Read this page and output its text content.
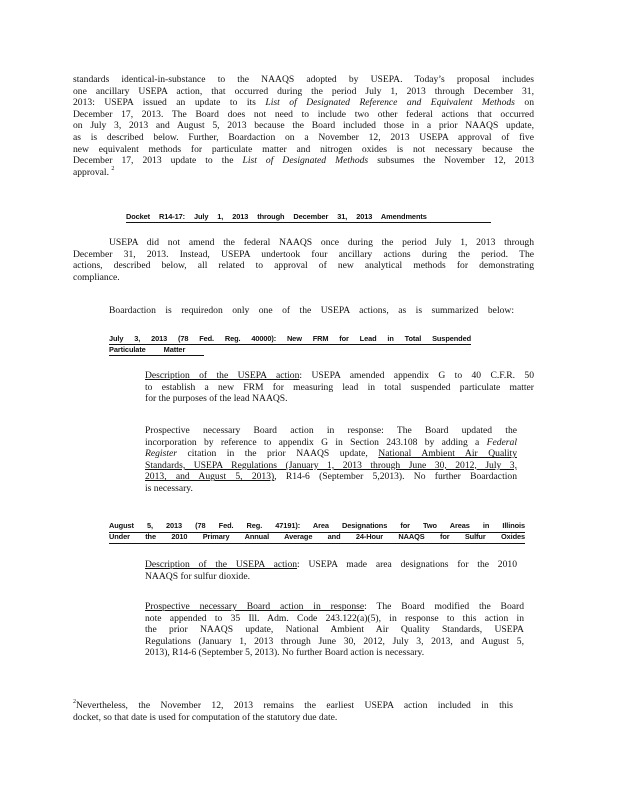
standards identical-in-substance to the NAAQS adopted by USEPA. Today’s proposal includes
one ancillary USEPA action, that occurred during the period July 1, 2013 through December 31,
2013: USEPA issued an update to its List of Designated Reference and Equivalent Methods on
December 17, 2013. The Board does not need to include two other federal actions that occurred
on July 3, 2013 and August 5, 2013 because the Board included those in a prior NAAQS update,
as is described below. Further, Boardaction on a November 12, 2013 USEPA approval of five
new equivalent methods for particulate matter and nitrogen oxides is not necessary because the
December 17, 2013 update to the List of Designated Methods subsumes the November 12, 2013
approval. $^2$
Docket R14-17: July 1, 2013 through December 31, 2013 Amendments
USEPA did not amend the federal NAAQS once during the period July 1, 2013 through
December 31, 2013. Instead, USEPA undertook four ancillary actions during the period. The
actions, described below, all related to approval of new analytical methods for demonstrating
compliance.
Boardaction is requiredon only one of the USEPA actions, as is summarized below:
July 3, 2013 (78 Fed. Reg. 40000): New FRM for Lead in Total Suspended
Particulate Matter
Description of the USEPA action: USEPA amended appendix G to 40 C.F.R. 50
to establish a new FRM for measuring lead in total suspended particulate matter
for the purposes of the lead NAAQS.
Prospective necessary Board action in response: The Board updated the
incorporation by reference to appendix G in Section 243.108 by adding a Federal
Register citation in the prior NAAQS update, National Ambient Air Quality
Standards, USEPA Regulations (January 1, 2013 through June 30, 2012, July 3,
2013, and August 5, 2013), R14-6 (September 5,2013). No further Boardaction
is necessary.
August 5, 2013 (78 Fed. Reg. 47191): Area Designations for Two Areas in Illinois
Under the 2010 Primary Annual Average and 24-Hour NAAQS for Sulfur Oxides
Description of the USEPA action: USEPA made area designations for the 2010
NAAQS for sulfur dioxide.
Prospective necessary Board action in response: The Board modified the Board
note appended to 35 Ill. Adm. Code 243.122(a)(5), in response to this action in
the prior NAAQS update, National Ambient Air Quality Standards, USEPA
Regulations (January 1, 2013 through June 30, 2012, July 3, 2013, and August 5,
2013), R14-6 (September 5, 2013). No further Board action is necessary.
$^2$Nevertheless, the November 12, 2013 remains the earliest USEPA action included in this
docket, so that date is used for computation of the statutory due date.
